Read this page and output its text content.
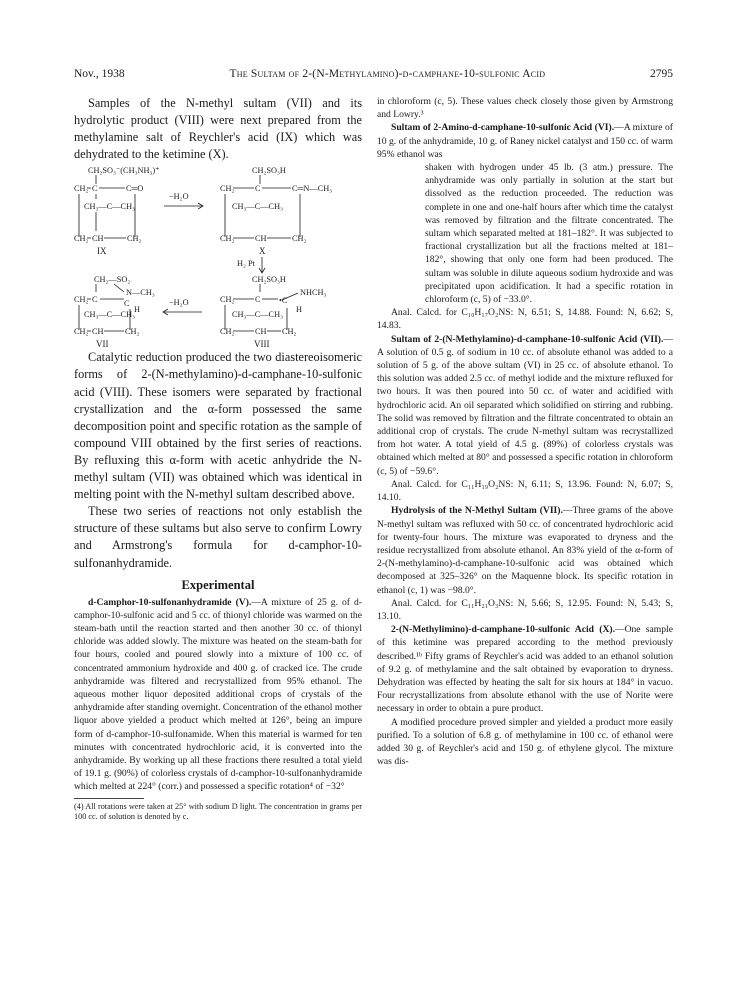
Nov., 1938	The Sultam of 2-(N-Methylamino)-d-camphane-10-sulfonic Acid	2795

Samples of the N-methyl sultam (VII) and its hydrolytic product (VIII) were next prepared from the methylamine salt of Reychler's acid (IX) which was dehydrated to the ketimine (X).

CH₂SO₃⁻(CH₃NH₃)⁺
CH₂ C	C═O
CH₃—C—CH₃
CH₂ CH	CH₂
IX
−H₂O
CH₂SO₃H
CH₂ C	C═N—CH₃
CH₃—C—CH₃
CH₂ CH	CH₂
X
H₂ Pt
CH₂—SO₂
N—CH₃
CH₂ C	C
H
CH₃—C—CH₃
CH₂ CH	CH₂
VII
−H₂O
CH₂SO₃H
NHCH₃
CH₂ C •C
H
CH₃—C—CH₃
CH₂ CH CH₂
VIII

Catalytic reduction produced the two diastereoisomeric forms of 2-(N-methylamino)-d-camphane-10-sulfonic acid (VIII). These isomers were separated by fractional crystallization and the α-form possessed the same decomposition point and specific rotation as the sample of compound VIII obtained by the first series of reactions. By refluxing this α-form with acetic anhydride the N-methyl sultam (VII) was obtained which was identical in melting point with the N-methyl sultam described above.

These two series of reactions not only establish the structure of these sultams but also serve to confirm Lowry and Armstrong's formula for d-camphor-10-sulfonanhydramide.

Experimental

d-Camphor-10-sulfonanhydramide (V).—A mixture of 25 g. of d-camphor-10-sulfonic acid and 5 cc. of thionyl chloride was warmed on the steam-bath until the reaction started and then another 30 cc. of thionyl chloride was added slowly. The mixture was heated on the steam-bath for four hours, cooled and poured slowly into a mixture of 100 cc. of concentrated ammonium hydroxide and 400 g. of cracked ice. The crude anhydramide was filtered and recrystallized from 95% ethanol. The aqueous mother liquor deposited additional crops of crystals of the anhydramide after standing overnight. Concentration of the ethanol mother liquor above yielded a product which melted at 126°, being an impure form of d-camphor-10-sulfonamide. When this material is warmed for ten minutes with concentrated hydrochloric acid, it is converted into the anhydramide. By working up all these fractions there resulted a total yield of 19.1 g. (90%) of colorless crystals of d-camphor-10-sulfonanhydramide which melted at 224° (corr.) and possessed a specific rotation⁴ of −32°

(4) All rotations were taken at 25° with sodium D light. The concentration in grams per 100 cc. of solution is denoted by c.

in chloroform (c, 5). These values check closely those given by Armstrong and Lowry.³

Sultam of 2-Amino-d-camphane-10-sulfonic Acid (VI).—A mixture of 10 g. of the anhydramide, 10 g. of Raney nickel catalyst and 150 cc. of warm 95% ethanol was

shaken with hydrogen under 45 lb. (3 atm.) pressure. The anhydramide was only partially in solution at the start but dissolved as the reduction proceeded. The reduction was complete in one and one-half hours after which time the catalyst was removed by filtration and the filtrate concentrated. The sultam which separated melted at 181–182°. It was subjected to fractional crystallization but all the fractions melted at 181–182°, showing that only one form had been produced. The sultam was soluble in dilute aqueous sodium hydroxide and was precipitated upon acidification. It had a specific rotation in chloroform (c, 5) of −33.0°.

Anal. Calcd. for C₁₀H₁₇O₂NS: N, 6.51; S, 14.88. Found: N, 6.62; S, 14.83.

Sultam of 2-(N-Methylamino)-d-camphane-10-sulfonic Acid (VII).—A solution of 0.5 g. of sodium in 10 cc. of absolute ethanol was added to a solution of 5 g. of the above sultam (VI) in 25 cc. of absolute ethanol. To this solution was added 2.5 cc. of methyl iodide and the mixture refluxed for two hours. It was then poured into 50 cc. of water and acidified with hydrochloric acid. An oil separated which solidified on stirring and rubbing. The solid was removed by filtration and the filtrate concentrated to obtain an additional crop of crystals. The crude N-methyl sultam was recrystallized from hot water. A total yield of 4.5 g. (89%) of colorless crystals was obtained which melted at 80° and possessed a specific rotation in chloroform (c, 5) of −59.6°.

Anal. Calcd. for C₁₁H₁₉O₂NS: N, 6.11; S, 13.96. Found: N, 6.07; S, 14.10.

Hydrolysis of the N-Methyl Sultam (VII).—Three grams of the above N-methyl sultam was refluxed with 50 cc. of concentrated hydrochloric acid for twenty-four hours. The mixture was evaporated to dryness and the residue recrystallized from absolute ethanol. An 83% yield of the α-form of 2-(N-methylamino)-d-camphane-10-sulfonic acid was obtained which decomposed at 325–326° on the Maquenne block. Its specific rotation in ethanol (c, 1) was −98.0°.

Anal. Calcd. for C₁₁H₂₁O₃NS: N, 5.66; S, 12.95. Found: N, 5.43; S, 13.10.

2-(N-Methylimino)-d-camphane-10-sulfonic Acid (X).—One sample of this ketimine was prepared according to the method previously described.¹ᵇ Fifty grams of Reychler's acid was added to an ethanol solution of 9.2 g. of methylamine and the salt obtained by evaporation to dryness. Dehydration was effected by heating the salt for six hours at 184° in vacuo. Four recrystallizations from absolute ethanol with the use of Norite were necessary in order to obtain a pure product.

A modified procedure proved simpler and yielded a product more easily purified. To a solution of 6.8 g. of methylamine in 100 cc. of ethanol were added 30 g. of Reychler's acid and 150 g. of ethylene glycol. The mixture was dis-
